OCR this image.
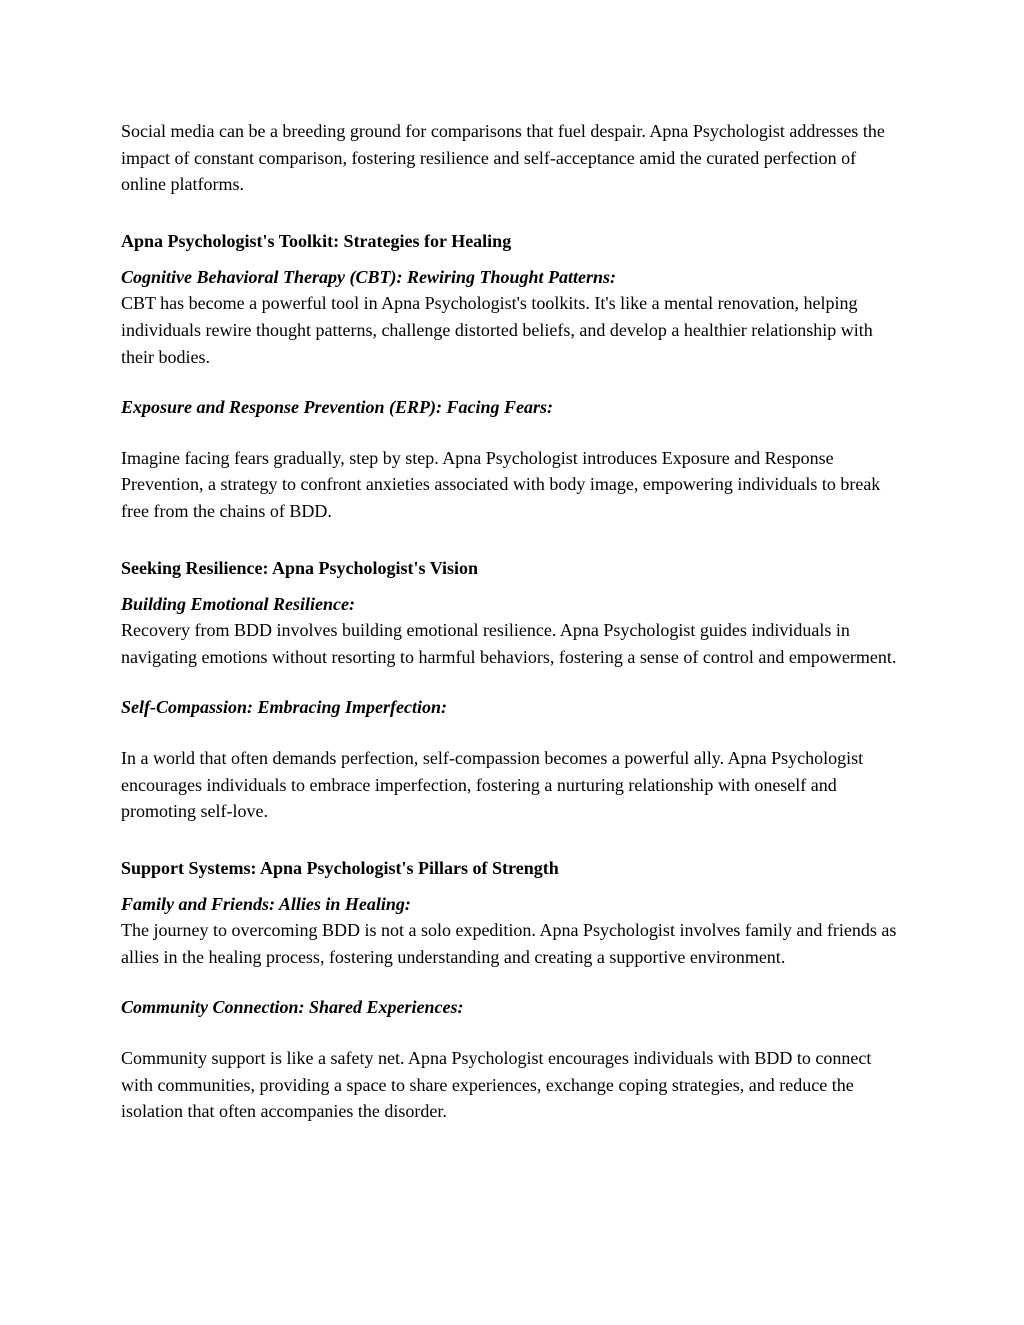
Social media can be a breeding ground for comparisons that fuel despair. Apna Psychologist addresses the impact of constant comparison, fostering resilience and self-acceptance amid the curated perfection of online platforms.

Apna Psychologist's Toolkit: Strategies for Healing

Cognitive Behavioral Therapy (CBT): Rewiring Thought Patterns:

CBT has become a powerful tool in Apna Psychologist's toolkits. It's like a mental renovation, helping individuals rewire thought patterns, challenge distorted beliefs, and develop a healthier relationship with their bodies.

Exposure and Response Prevention (ERP): Facing Fears:

Imagine facing fears gradually, step by step. Apna Psychologist introduces Exposure and Response Prevention, a strategy to confront anxieties associated with body image, empowering individuals to break free from the chains of BDD.

Seeking Resilience: Apna Psychologist's Vision

Building Emotional Resilience:

Recovery from BDD involves building emotional resilience. Apna Psychologist guides individuals in navigating emotions without resorting to harmful behaviors, fostering a sense of control and empowerment.

Self-Compassion: Embracing Imperfection:

In a world that often demands perfection, self-compassion becomes a powerful ally. Apna Psychologist encourages individuals to embrace imperfection, fostering a nurturing relationship with oneself and promoting self-love.

Support Systems: Apna Psychologist's Pillars of Strength

Family and Friends: Allies in Healing:

The journey to overcoming BDD is not a solo expedition. Apna Psychologist involves family and friends as allies in the healing process, fostering understanding and creating a supportive environment.

Community Connection: Shared Experiences:

Community support is like a safety net. Apna Psychologist encourages individuals with BDD to connect with communities, providing a space to share experiences, exchange coping strategies, and reduce the isolation that often accompanies the disorder.
